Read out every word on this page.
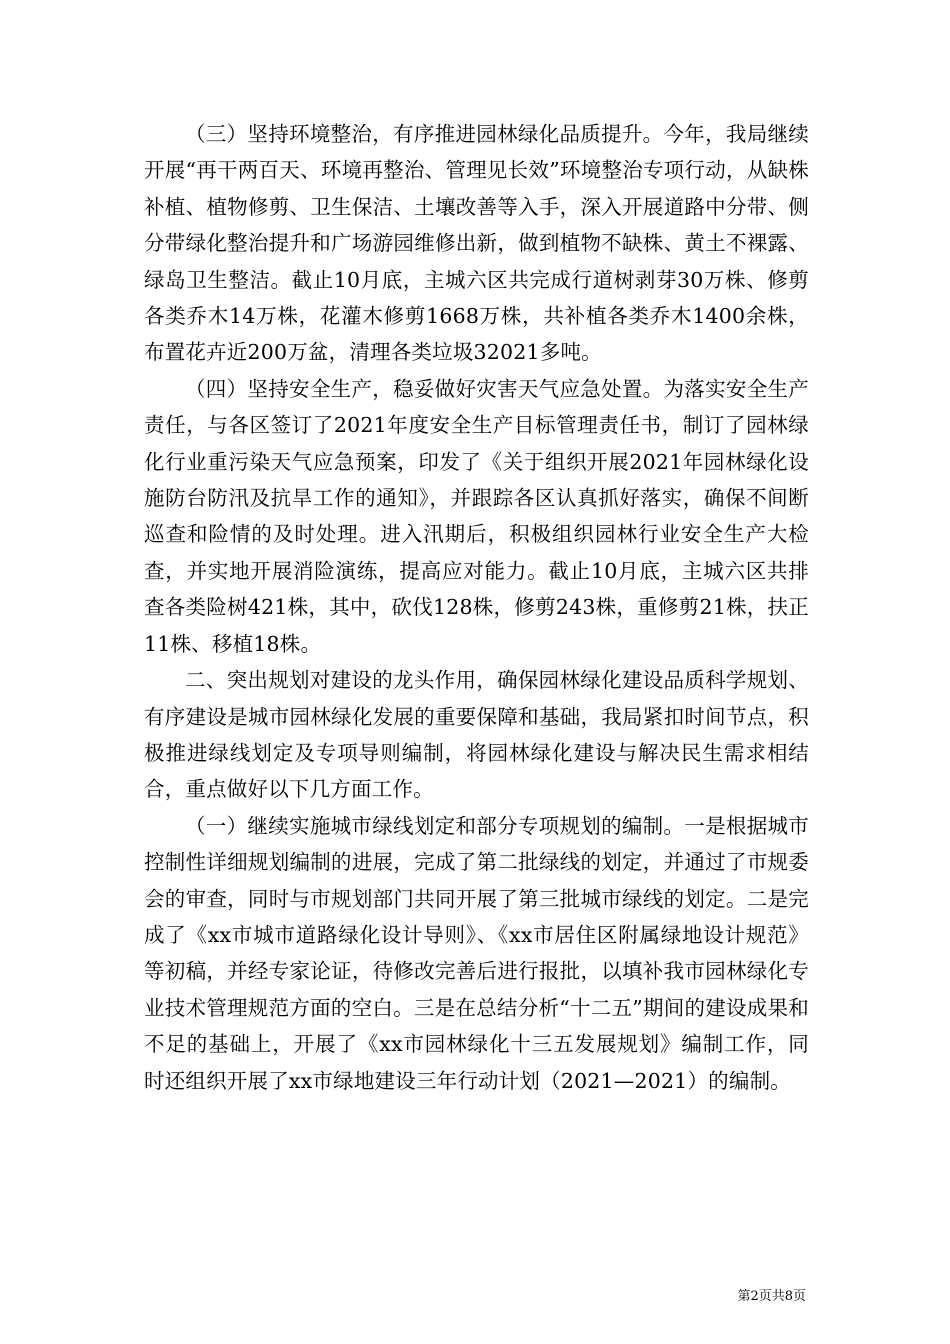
（三）坚持环境整治，有序推进园林绿化品质提升。今年，我局继续开展“再干两百天、环境再整治、管理见长效”环境整治专项行动，从缺株补植、植物修剪、卫生保洁、土壤改善等入手，深入开展道路中分带、侧分带绿化整治提升和广场游园维修出新，做到植物不缺株、黄土不裸露、绿岛卫生整洁。截止10月底，主城六区共完成行道树剥芽30万株、修剪各类乔木14万株，花灌木修剪1668万株，共补植各类乔木1400余株，布置花卉近200万盆，清理各类垃圾32021多吨。

（四）坚持安全生产，稳妥做好灾害天气应急处置。为落实安全生产责任，与各区签订了2021年度安全生产目标管理责任书，制订了园林绿化行业重污染天气应急预案，印发了《关于组织开展2021年园林绿化设施防台防汛及抗旱工作的通知》，并跟踪各区认真抓好落实，确保不间断巡查和险情的及时处理。进入汛期后，积极组织园林行业安全生产大检查，并实地开展消险演练，提高应对能力。截止10月底，主城六区共排查各类险树421株，其中，砍伐128株，修剪243株，重修剪21株，扶正11株、移植18株。

二、突出规划对建设的龙头作用，确保园林绿化建设品质科学规划、有序建设是城市园林绿化发展的重要保障和基础，我局紧扣时间节点，积极推进绿线划定及专项导则编制，将园林绿化建设与解决民生需求相结合，重点做好以下几方面工作。

（一）继续实施城市绿线划定和部分专项规划的编制。一是根据城市控制性详细规划编制的进展，完成了第二批绿线的划定，并通过了市规委会的审查，同时与市规划部门共同开展了第三批城市绿线的划定。二是完成了《xx市城市道路绿化设计导则》、《xx市居住区附属绿地设计规范》等初稿，并经专家论证，待修改完善后进行报批，以填补我市园林绿化专业技术管理规范方面的空白。三是在总结分析“十二五”期间的建设成果和不足的基础上，开展了《xx市园林绿化十三五发展规划》编制工作，同时还组织开展了xx市绿地建设三年行动计划（2021—2021）的编制。

第2页共8页
